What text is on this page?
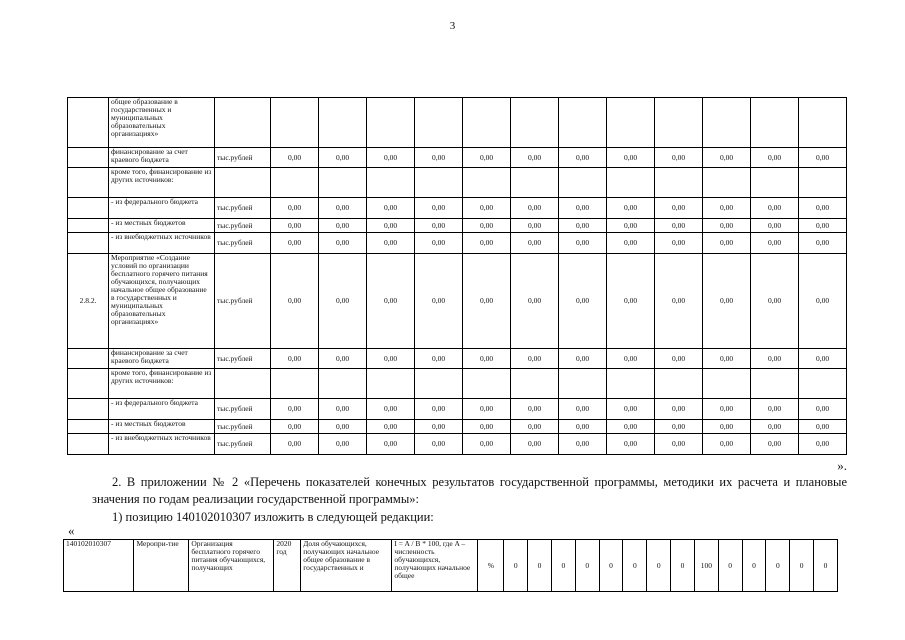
3
	общее образование в государственных и муниципальных образовательных организациях»													
	финансирование за счет краевого бюджета	тыс.рублей	0,00	0,00	0,00	0,00	0,00	0,00	0,00	0,00	0,00	0,00	0,00	0,00
	кроме того, финансирование из других источников:													
	- из федерального бюджета	тыс.рублей	0,00	0,00	0,00	0,00	0,00	0,00	0,00	0,00	0,00	0,00	0,00	0,00
	- из местных бюджетов	тыс.рублей	0,00	0,00	0,00	0,00	0,00	0,00	0,00	0,00	0,00	0,00	0,00	0,00
	- из внебюджетных источников	тыс.рублей	0,00	0,00	0,00	0,00	0,00	0,00	0,00	0,00	0,00	0,00	0,00	0,00
2.8.2.	Мероприятие «Создание условий по организации бесплатного горячего питания обучающихся, получающих начальное общее образование в государственных и муниципальных образовательных организациях»	тыс.рублей	0,00	0,00	0,00	0,00	0,00	0,00	0,00	0,00	0,00	0,00	0,00	0,00
	финансирование за счет краевого бюджета	тыс.рублей	0,00	0,00	0,00	0,00	0,00	0,00	0,00	0,00	0,00	0,00	0,00	0,00
	кроме того, финансирование из других источников:													
	- из федерального бюджета	тыс.рублей	0,00	0,00	0,00	0,00	0,00	0,00	0,00	0,00	0,00	0,00	0,00	0,00
	- из местных бюджетов	тыс.рублей	0,00	0,00	0,00	0,00	0,00	0,00	0,00	0,00	0,00	0,00	0,00	0,00
	- из внебюджетных источников	тыс.рублей	0,00	0,00	0,00	0,00	0,00	0,00	0,00	0,00	0,00	0,00	0,00	0,00
».
2. В приложении № 2 «Перечень показателей конечных результатов государственной программы, методики их расчета и плановые значения по годам реализации государственной программы»:
1) позицию 140102010307 изложить в следующей редакции:
«
140102010307	Меропри-тие	Организация бесплатного горячего питания обучающихся, получающих	2020 год	Доля обучающихся, получающих начальное общее образование в государственных и	I = A / B * 100, где A – численность обучающихся, получающих начальное общее	%	0	0	0	0	0	0	0	0	100	0	0	0	0	0
